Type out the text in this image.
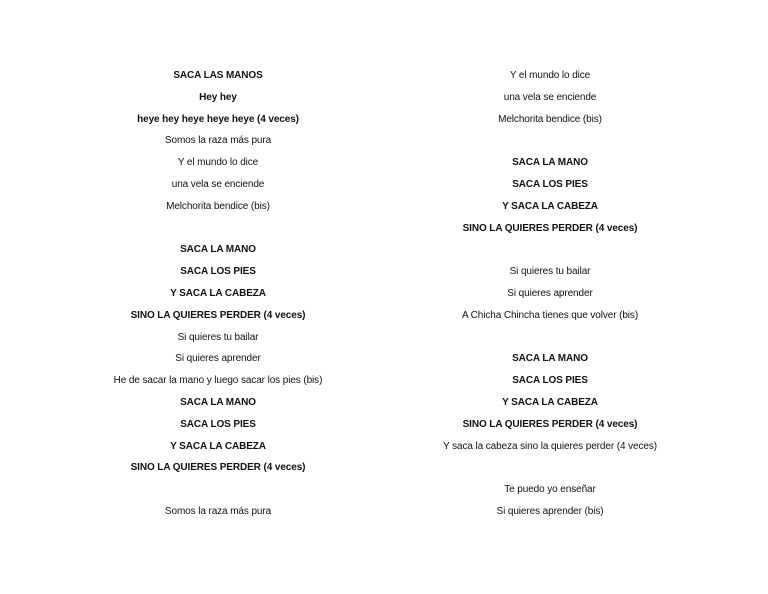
SACA LAS MANOS
Hey hey
heye hey heye heye heye (4 veces)
Somos la raza más pura
Y el mundo lo dice
una vela se enciende
Melchorita bendice (bis)
SACA LA MANO
SACA LOS PIES
Y SACA LA CABEZA
SINO LA QUIERES PERDER (4 veces)
Si quieres tu bailar
Si quieres aprender
He de sacar la mano y luego sacar los pies (bis)
SACA LA MANO
SACA LOS PIES
Y SACA LA CABEZA
SINO LA QUIERES PERDER (4 veces)
Somos la raza más pura
Y el mundo lo dice
una vela se enciende
Melchorita bendice (bis)
SACA LA MANO
SACA LOS PIES
Y SACA LA CABEZA
SINO LA QUIERES PERDER (4 veces)
Si quieres tu bailar
Si quieres aprender
A Chicha Chincha tienes que volver (bis)
SACA LA MANO
SACA LOS PIES
Y SACA LA CABEZA
SINO LA QUIERES PERDER (4 veces)
Y saca la cabeza sino la quieres perder (4 veces)
Te puedo yo enseñar
Si quieres aprender (bis)
